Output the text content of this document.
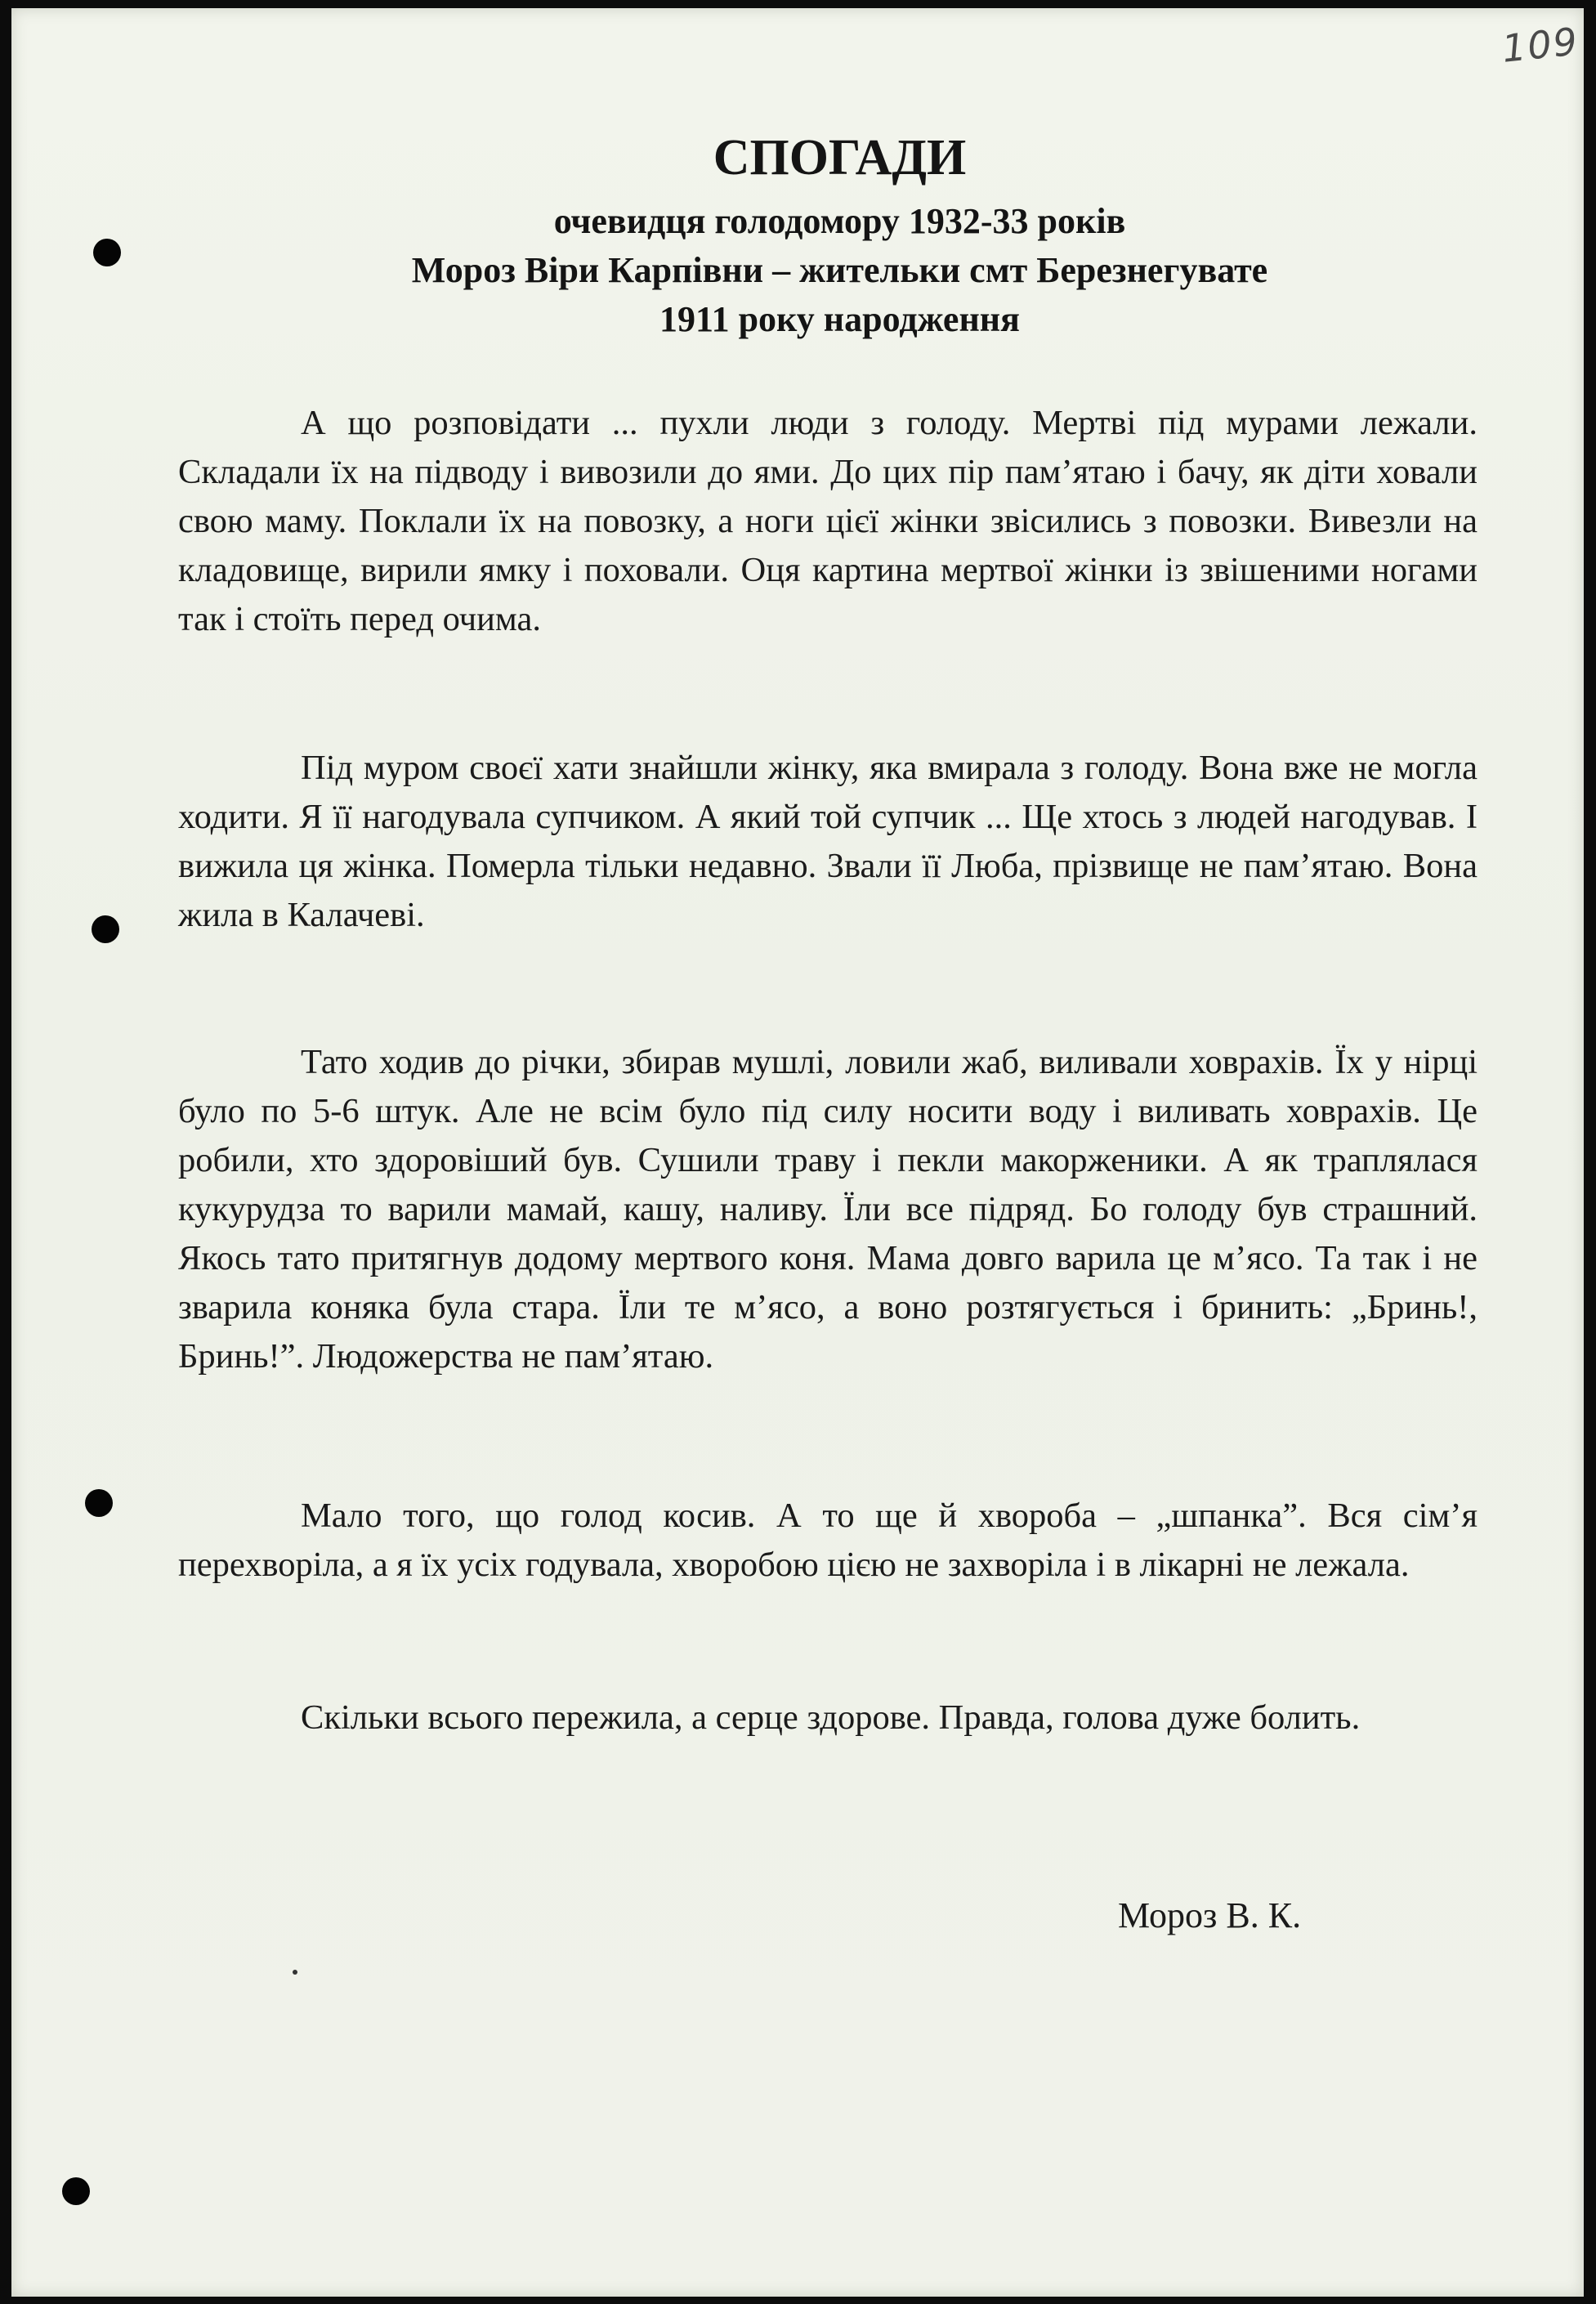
109
СПОГАДИ
очевидця голодомору 1932-33 років
Мороз Віри Карпівни – жительки смт Березнегувате
1911 року народження
А що розповідати ... пухли люди з голоду. Мертві під мурами лежали. Складали їх на підводу і вивозили до ями. До цих пір пам’ятаю і бачу, як діти ховали свою маму. Поклали їх на повозку, а ноги цієї жінки звісились з повозки. Вивезли на кладовище, вирили ямку і поховали. Оця картина мертвої жінки із звішеними ногами так і стоїть перед очима.
Під муром своєї хати знайшли жінку, яка вмирала з голоду. Вона вже не могла ходити. Я її нагодувала супчиком. А який той супчик ... Ще хтось з людей нагодував. І вижила ця жінка. Померла тільки недавно. Звали її Люба, прізвище не пам’ятаю. Вона жила в Калачеві.
Тато ходив до річки, збирав мушлі, ловили жаб, виливали ховрахів. Їх у нірці було по 5-6 штук. Але не всім було під силу носити воду і виливать ховрахів. Це робили, хто здоровіший був. Сушили траву і пекли макорженики. А як траплялася кукурудза то варили мамай, кашу, наливу. Їли все підряд. Бо голоду був страшний. Якось тато притягнув додому мертвого коня. Мама довго варила це м’ясо. Та так і не зварила коняка була стара. Їли те м’ясо, а воно розтягується і бринить: „Бринь!, Бринь!”. Людожерства не пам’ятаю.
Мало того, що голод косив. А то ще й хвороба – „шпанка”. Вся сім’я перехворіла, а я їх усіх годувала, хворобою цією не захворіла і в лікарні не лежала.
Скільки всього пережила, а серце здорове. Правда, голова дуже болить.
Мороз В. К.
